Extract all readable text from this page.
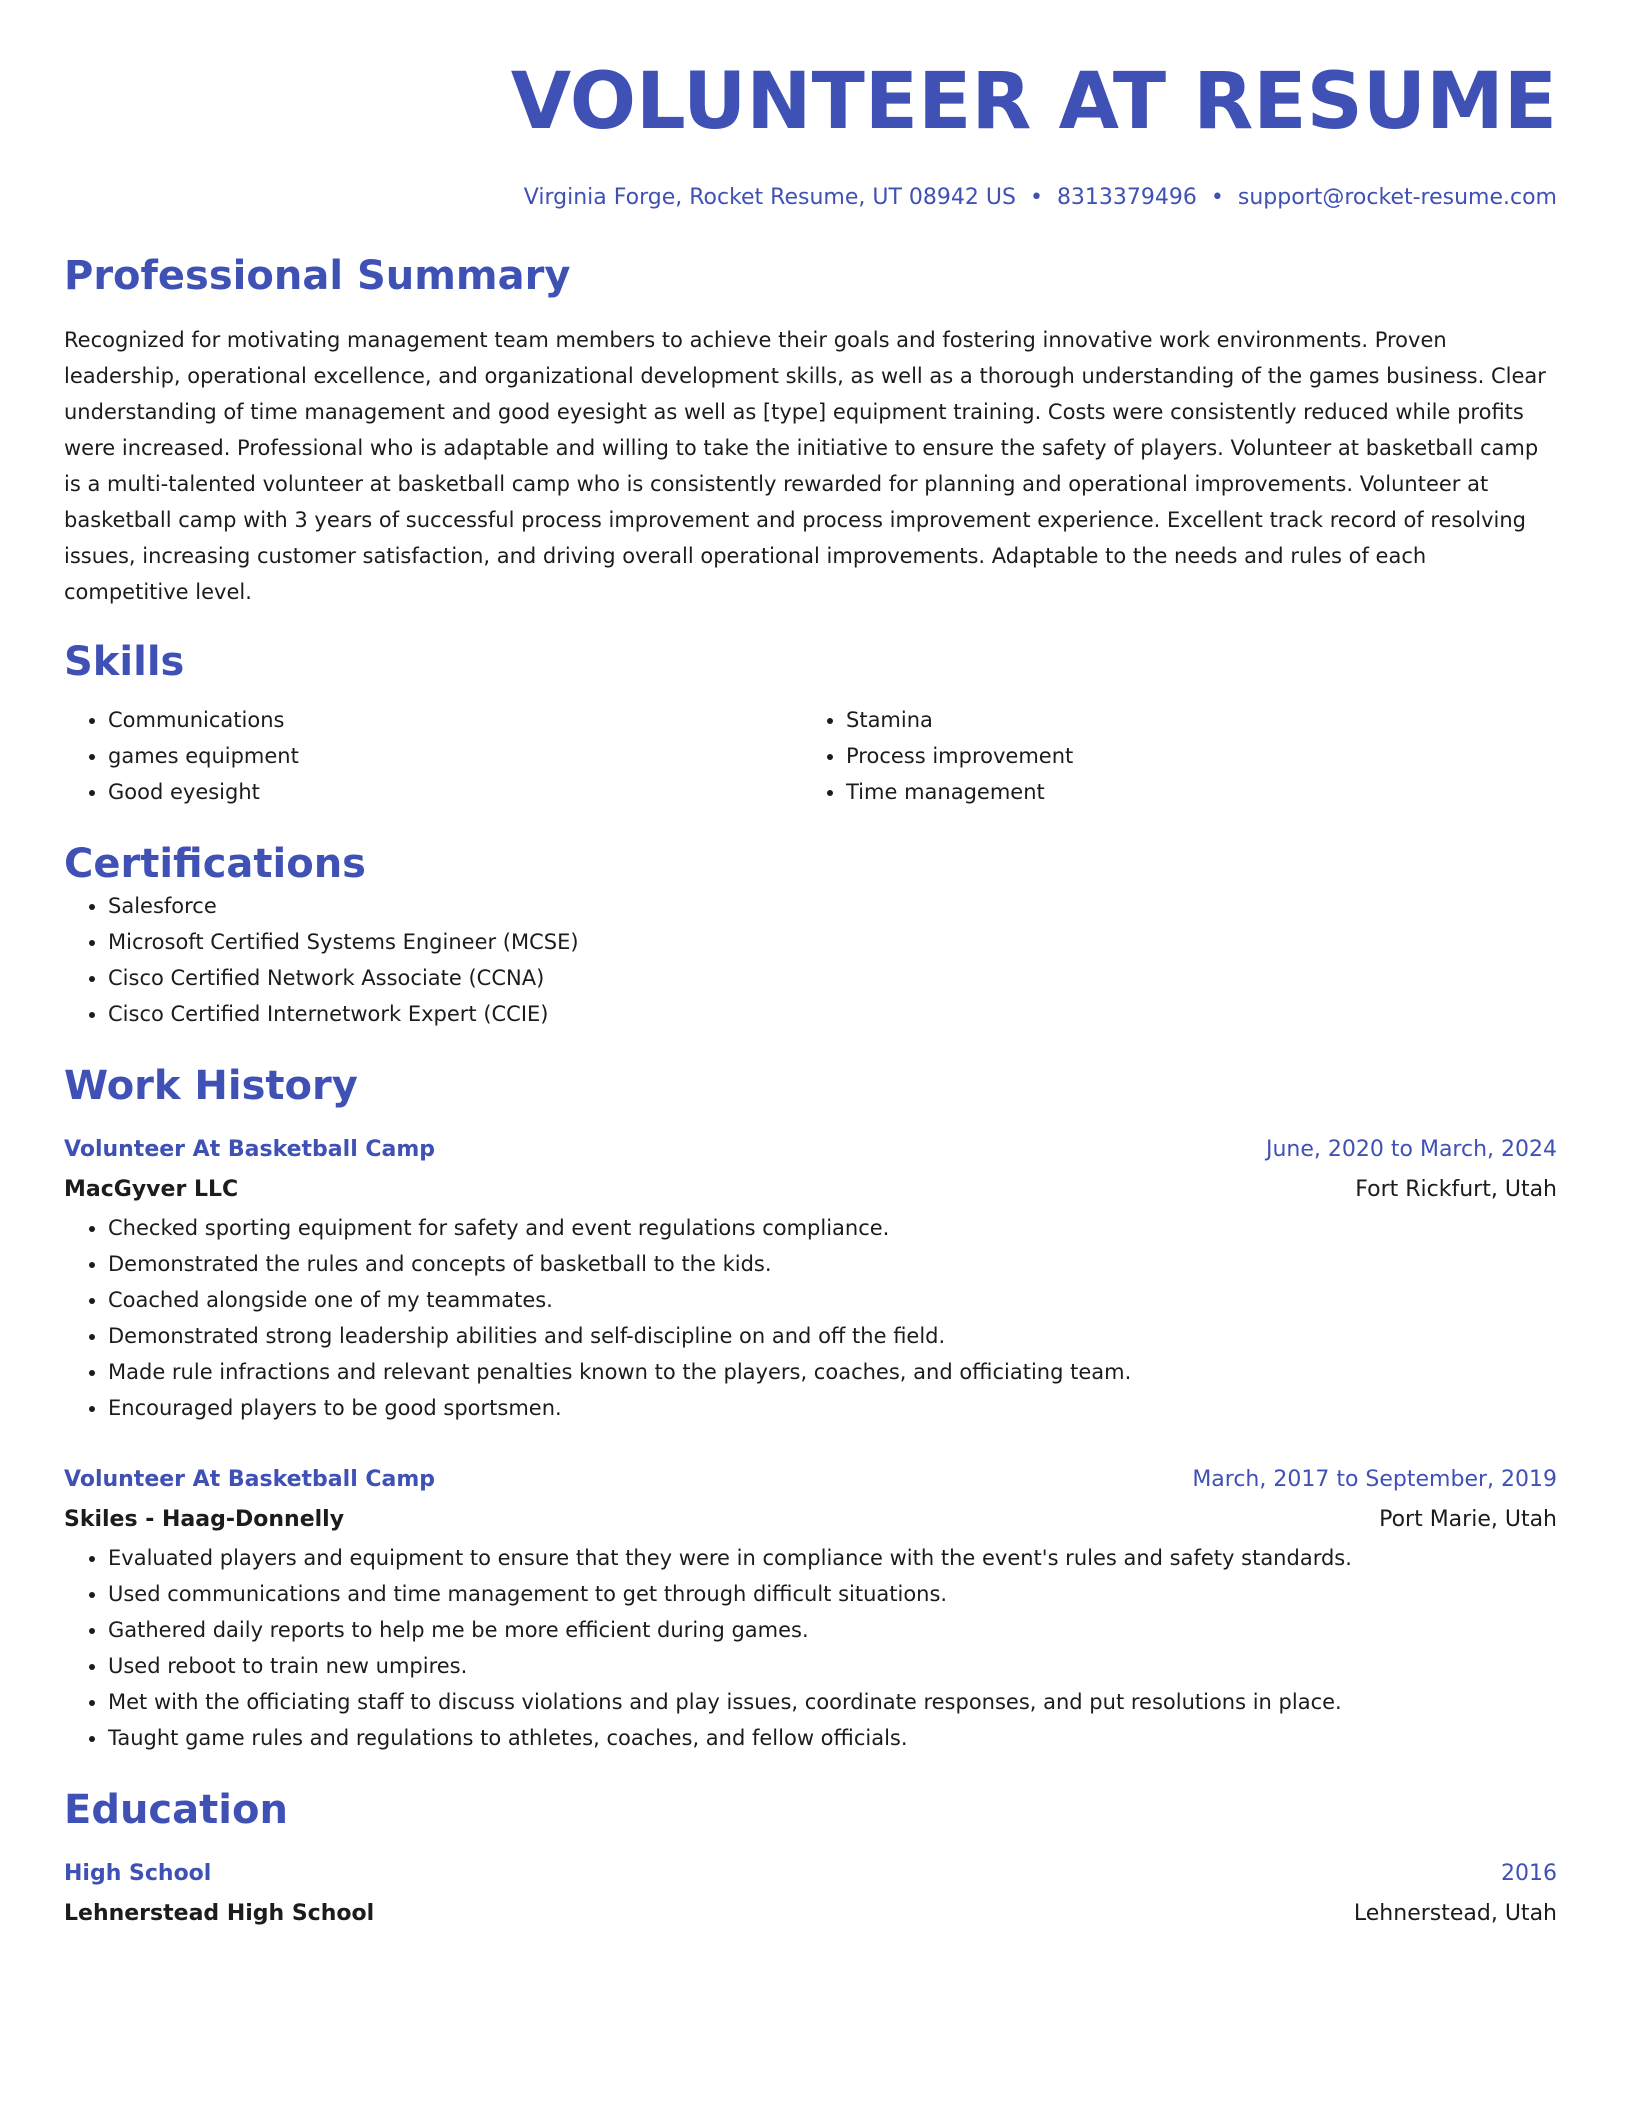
VOLUNTEER AT RESUME
Virginia Forge, Rocket Resume, UT 08942 US • 8313379496 • support@rocket-resume.com
Professional Summary
Recognized for motivating management team members to achieve their goals and fostering innovative work environments. Proven leadership, operational excellence, and organizational development skills, as well as a thorough understanding of the games business. Clear understanding of time management and good eyesight as well as [type] equipment training. Costs were consistently reduced while profits were increased. Professional who is adaptable and willing to take the initiative to ensure the safety of players. Volunteer at basketball camp is a multi-talented volunteer at basketball camp who is consistently rewarded for planning and operational improvements. Volunteer at basketball camp with 3 years of successful process improvement and process improvement experience. Excellent track record of resolving issues, increasing customer satisfaction, and driving overall operational improvements. Adaptable to the needs and rules of each competitive level.
Skills
• Communications
• games equipment
• Good eyesight
• Stamina
• Process improvement
• Time management
Certifications
• Salesforce
• Microsoft Certified Systems Engineer (MCSE)
• Cisco Certified Network Associate (CCNA)
• Cisco Certified Internetwork Expert (CCIE)
Work History
Volunteer At Basketball Camp	June, 2020 to March, 2024
MacGyver LLC	Fort Rickfurt, Utah
• Checked sporting equipment for safety and event regulations compliance.
• Demonstrated the rules and concepts of basketball to the kids.
• Coached alongside one of my teammates.
• Demonstrated strong leadership abilities and self-discipline on and off the field.
• Made rule infractions and relevant penalties known to the players, coaches, and officiating team.
• Encouraged players to be good sportsmen.
Volunteer At Basketball Camp	March, 2017 to September, 2019
Skiles - Haag-Donnelly	Port Marie, Utah
• Evaluated players and equipment to ensure that they were in compliance with the event's rules and safety standards.
• Used communications and time management to get through difficult situations.
• Gathered daily reports to help me be more efficient during games.
• Used reboot to train new umpires.
• Met with the officiating staff to discuss violations and play issues, coordinate responses, and put resolutions in place.
• Taught game rules and regulations to athletes, coaches, and fellow officials.
Education
High School	2016
Lehnerstead High School	Lehnerstead, Utah
